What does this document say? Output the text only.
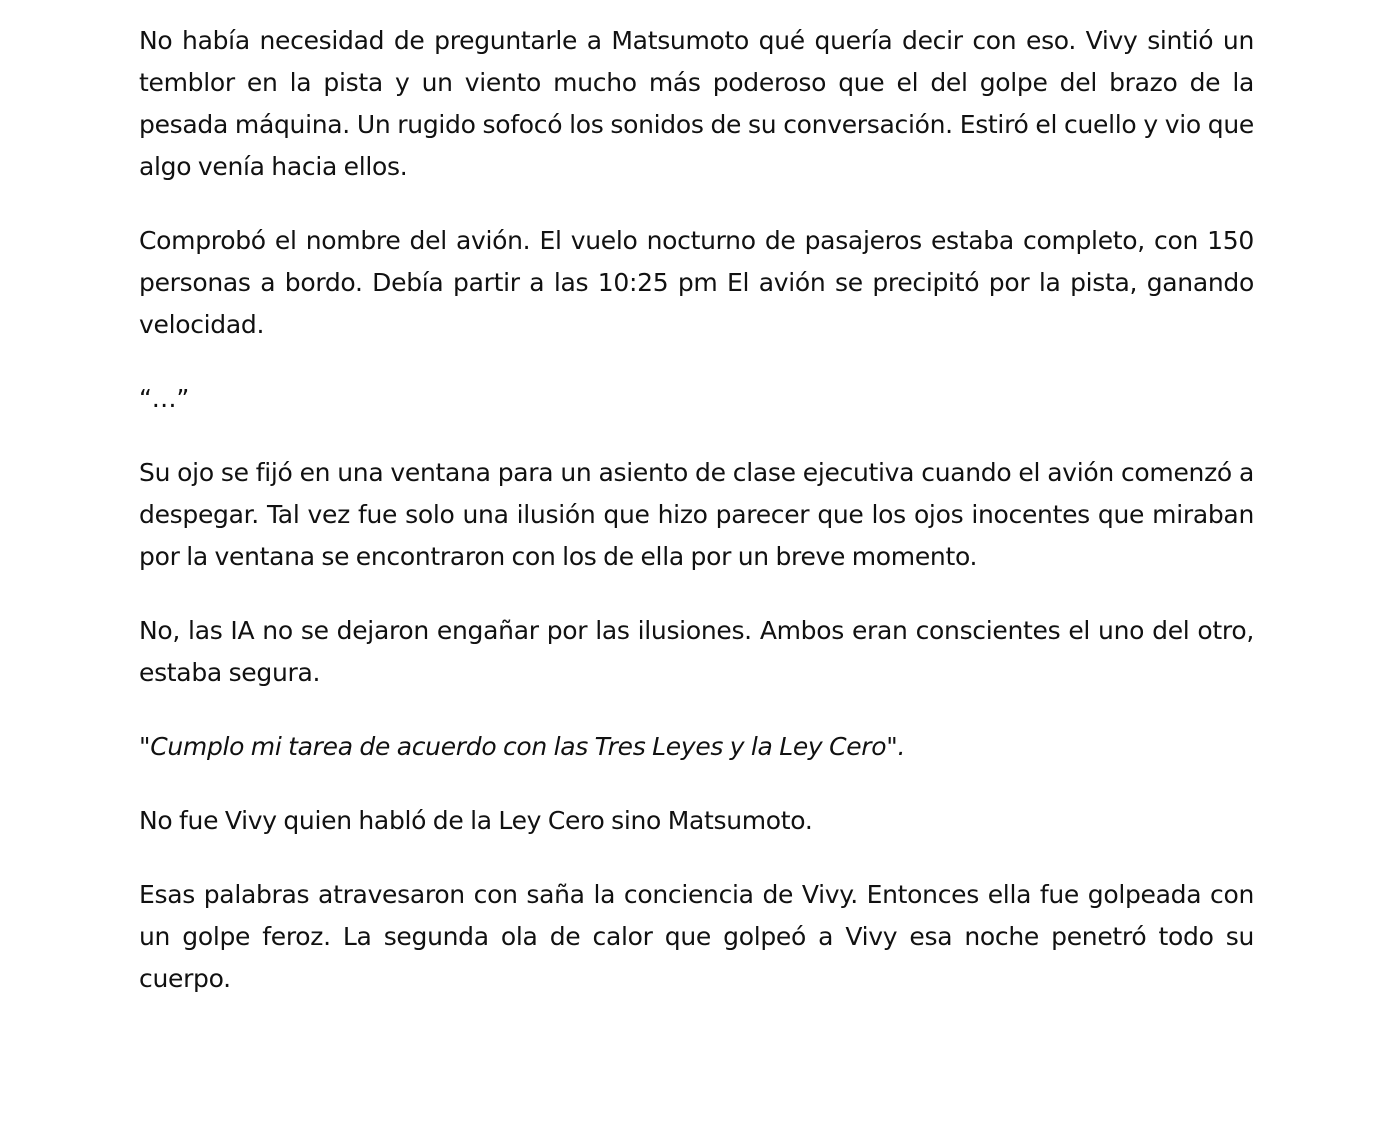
No había necesidad de preguntarle a Matsumoto qué quería decir con eso. Vivy sintió un temblor en la pista y un viento mucho más poderoso que el del golpe del brazo de la pesada máquina. Un rugido sofocó los sonidos de su conversación. Estiró el cuello y vio que algo venía hacia ellos.

Comprobó el nombre del avión. El vuelo nocturno de pasajeros estaba completo, con 150 personas a bordo. Debía partir a las 10:25 pm El avión se precipitó por la pista, ganando velocidad.

“…”

Su ojo se fijó en una ventana para un asiento de clase ejecutiva cuando el avión comenzó a despegar. Tal vez fue solo una ilusión que hizo parecer que los ojos inocentes que miraban por la ventana se encontraron con los de ella por un breve momento.

No, las IA no se dejaron engañar por las ilusiones. Ambos eran conscientes el uno del otro, estaba segura.

"Cumplo mi tarea de acuerdo con las Tres Leyes y la Ley Cero".

No fue Vivy quien habló de la Ley Cero sino Matsumoto.

Esas palabras atravesaron con saña la conciencia de Vivy. Entonces ella fue golpeada con un golpe feroz. La segunda ola de calor que golpeó a Vivy esa noche penetró todo su cuerpo.
